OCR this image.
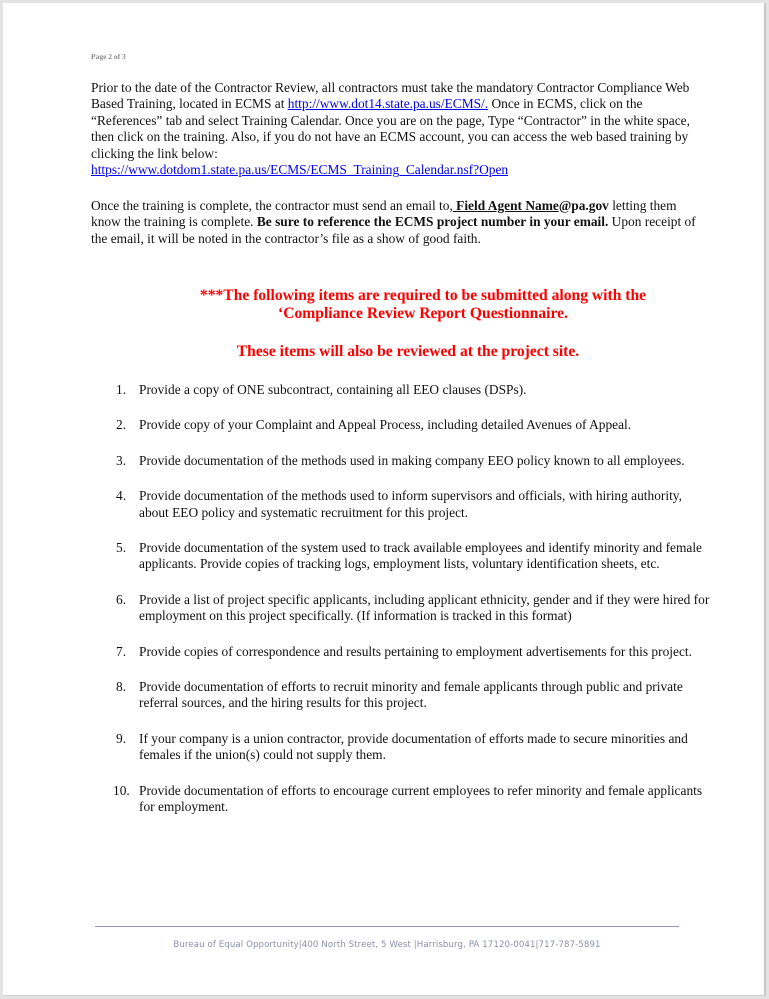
Page 2 of 3
Prior to the date of the Contractor Review, all contractors must take the mandatory Contractor Compliance Web Based Training, located in ECMS at http://www.dot14.state.pa.us/ECMS/. Once in ECMS, click on the “References” tab and select Training Calendar. Once you are on the page, Type “Contractor” in the white space, then click on the training. Also, if you do not have an ECMS account, you can access the web based training by clicking the link below:
https://www.dotdom1.state.pa.us/ECMS/ECMS_Training_Calendar.nsf?Open
Once the training is complete, the contractor must send an email to, Field Agent Name@pa.gov letting them know the training is complete. Be sure to reference the ECMS project number in your email. Upon receipt of the email, it will be noted in the contractor’s file as a show of good faith.
***The following items are required to be submitted along with the
‘Compliance Review Report Questionnaire.
These items will also be reviewed at the project site.
1. Provide a copy of ONE subcontract, containing all EEO clauses (DSPs).
2. Provide copy of your Complaint and Appeal Process, including detailed Avenues of Appeal.
3. Provide documentation of the methods used in making company EEO policy known to all employees.
4. Provide documentation of the methods used to inform supervisors and officials, with hiring authority, about EEO policy and systematic recruitment for this project.
5. Provide documentation of the system used to track available employees and identify minority and female applicants. Provide copies of tracking logs, employment lists, voluntary identification sheets, etc.
6. Provide a list of project specific applicants, including applicant ethnicity, gender and if they were hired for employment on this project specifically. (If information is tracked in this format)
7. Provide copies of correspondence and results pertaining to employment advertisements for this project.
8. Provide documentation of efforts to recruit minority and female applicants through public and private referral sources, and the hiring results for this project.
9. If your company is a union contractor, provide documentation of efforts made to secure minorities and females if the union(s) could not supply them.
10. Provide documentation of efforts to encourage current employees to refer minority and female applicants for employment.
Bureau of Equal Opportunity|400 North Street, 5 West |Harrisburg, PA 17120-0041|717-787-5891
